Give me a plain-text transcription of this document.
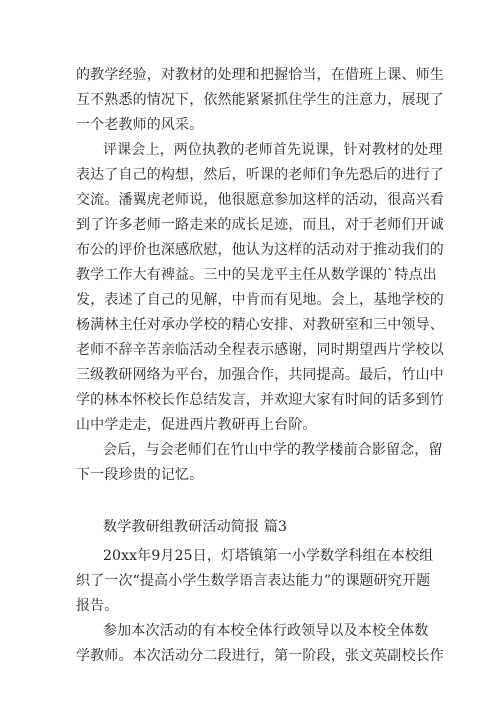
的教学经验，对教材的处理和把握恰当，在借班上课、师生
互不熟悉的情况下，依然能紧紧抓住学生的注意力，展现了
一个老教师的风采。
评课会上，两位执教的老师首先说课，针对教材的处理
表达了自己的构想，然后，听课的老师们争先恐后的进行了
交流。潘翼虎老师说，他很愿意参加这样的活动，很高兴看
到了许多老师一路走来的成长足迹，而且，对于老师们开诚
布公的评价也深感欣慰，他认为这样的活动对于推动我们的
教学工作大有裨益。三中的吴龙平主任从数学课的`特点出
发，表述了自己的见解，中肯而有见地。会上，基地学校的
杨满林主任对承办学校的精心安排、对教研室和三中领导、
老师不辞辛苦亲临活动全程表示感谢，同时期望西片学校以
三级教研网络为平台，加强合作，共同提高。最后，竹山中
学的林本怀校长作总结发言，并欢迎大家有时间的话多到竹
山中学走走，促进西片教研再上台阶。
会后，与会老师们在竹山中学的教学楼前合影留念，留
下一段珍贵的记忆。
数学教研组教研活动简报 篇3
20xx年9月25日，灯塔镇第一小学数学科组在本校组
织了一次“提高小学生数学语言表达能力”的课题研究开题
报告。
参加本次活动的有本校全体行政领导以及本校全体数
学教师。本次活动分二段进行，第一阶段，张文英副校长作
